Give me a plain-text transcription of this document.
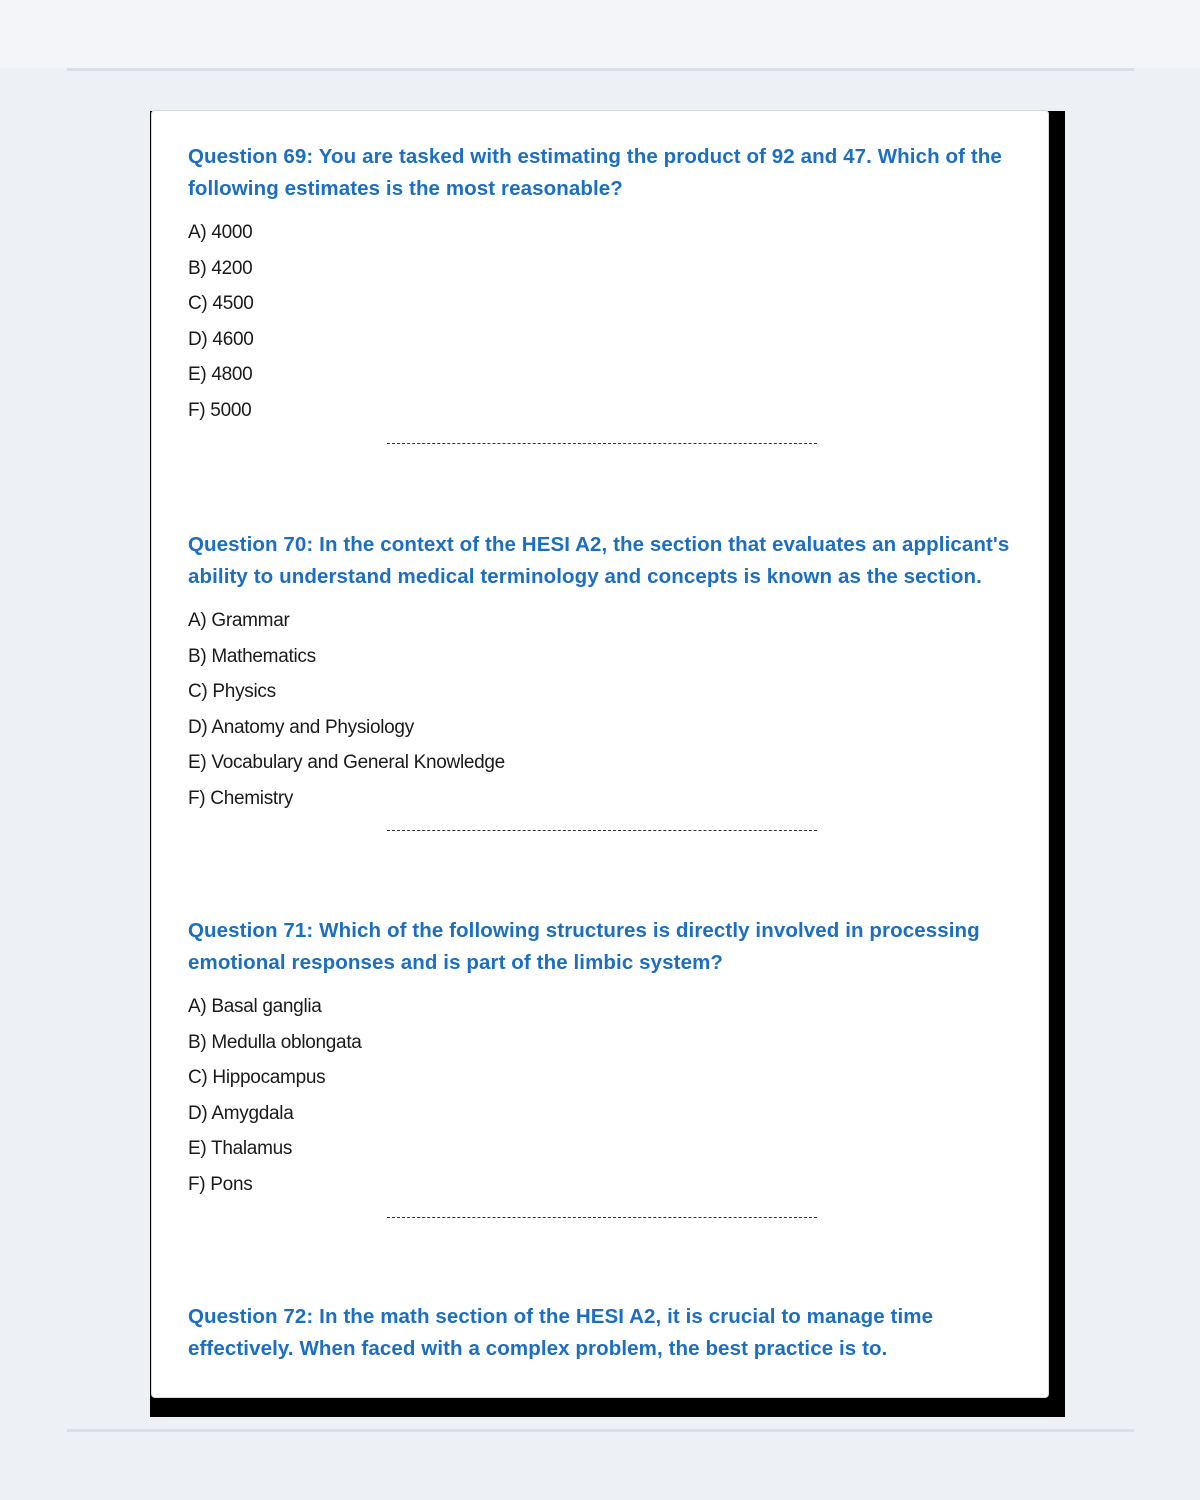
Question 69: You are tasked with estimating the product of 92 and 47. Which of the following estimates is the most reasonable?

A) 4000
B) 4200
C) 4500
D) 4600
E) 4800
F) 5000

Question 70: In the context of the HESI A2, the section that evaluates an applicant's ability to understand medical terminology and concepts is known as the section.

A) Grammar
B) Mathematics
C) Physics
D) Anatomy and Physiology
E) Vocabulary and General Knowledge
F) Chemistry

Question 71: Which of the following structures is directly involved in processing emotional responses and is part of the limbic system?

A) Basal ganglia
B) Medulla oblongata
C) Hippocampus
D) Amygdala
E) Thalamus
F) Pons

Question 72: In the math section of the HESI A2, it is crucial to manage time effectively. When faced with a complex problem, the best practice is to.
